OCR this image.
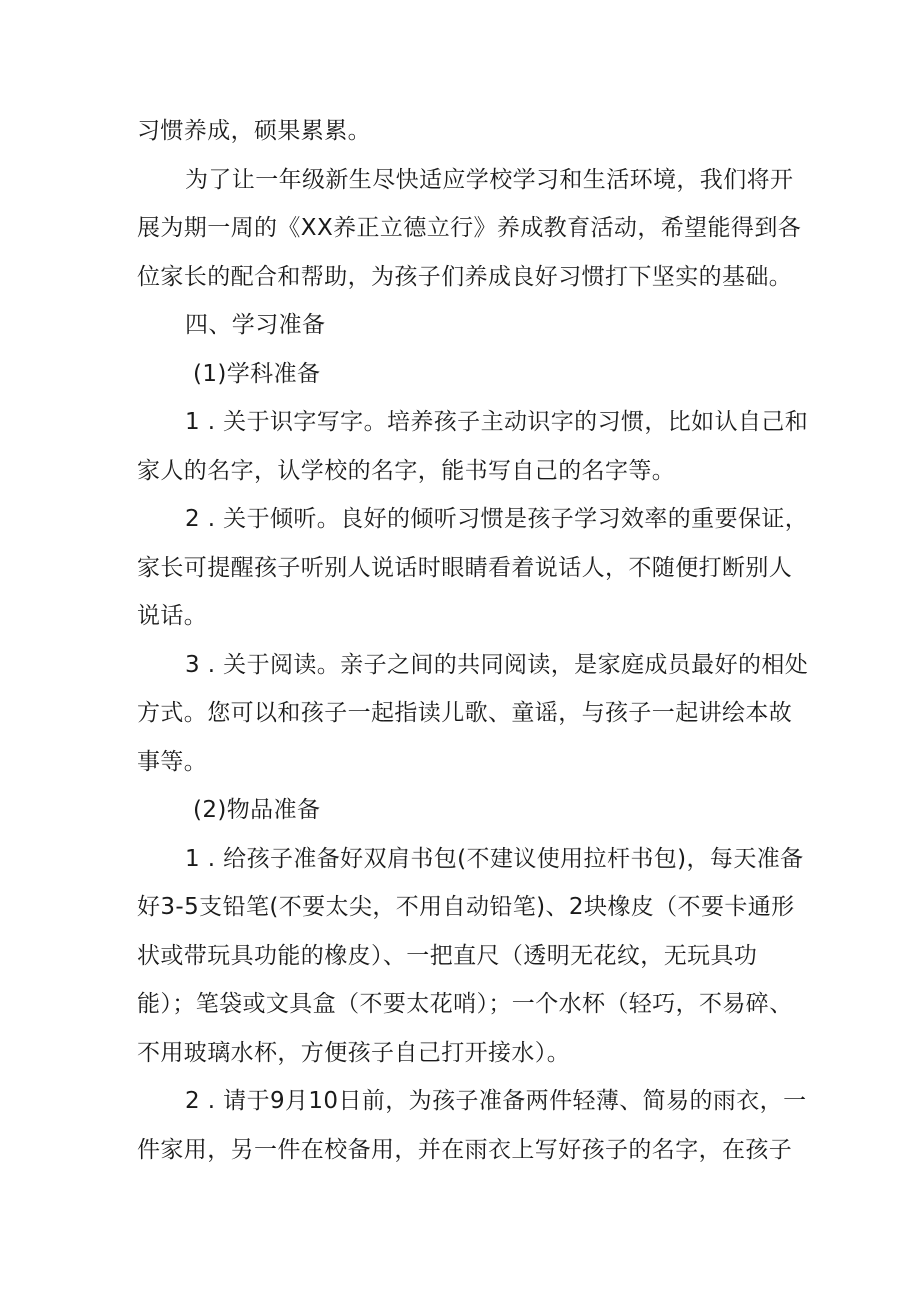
习惯养成，硕果累累。
为了让一年级新生尽快适应学校学习和生活环境，我们将开
展为期一周的《XX养正立德立行》养成教育活动，希望能得到各
位家长的配合和帮助，为孩子们养成良好习惯打下坚实的基础。
四、学习准备
(1)学科准备
1 . 关于识字写字。培养孩子主动识字的习惯，比如认自己和
家人的名字，认学校的名字，能书写自己的名字等。
2 . 关于倾听。良好的倾听习惯是孩子学习效率的重要保证，
家长可提醒孩子听别人说话时眼睛看着说话人，不随便打断别人
说话。
3 . 关于阅读。亲子之间的共同阅读，是家庭成员最好的相处
方式。您可以和孩子一起指读儿歌、童谣，与孩子一起讲绘本故
事等。
(2)物品准备
1 . 给孩子准备好双肩书包(不建议使用拉杆书包)，每天准备
好3-5支铅笔(不要太尖，不用自动铅笔)、2块橡皮（不要卡通形
状或带玩具功能的橡皮）、一把直尺（透明无花纹，无玩具功
能）；笔袋或文具盒（不要太花哨）；一个水杯（轻巧，不易碎、
不用玻璃水杯，方便孩子自己打开接水）。
2 . 请于9月10日前，为孩子准备两件轻薄、简易的雨衣，一
件家用，另一件在校备用，并在雨衣上写好孩子的名字，在孩子
